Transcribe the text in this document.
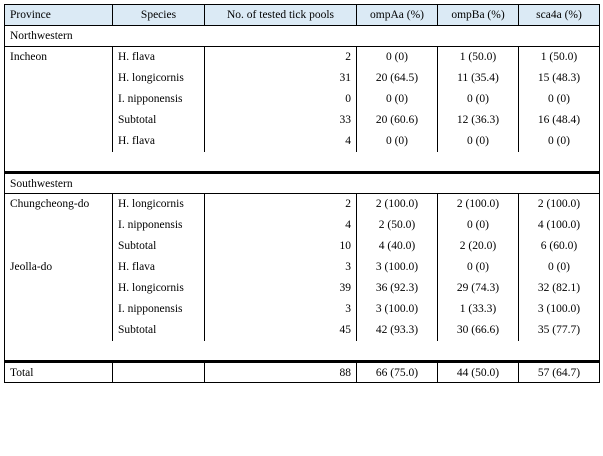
Province	Species	No. of tested tick pools	ompAa (%)	ompBa (%)	sca4a (%)
Northwestern					
Incheon	H. flava	2	0 (0)	1 (50.0)	1 (50.0)
	H. longicornis	31	20 (64.5)	11 (35.4)	15 (48.3)
	I. nipponensis	0	0 (0)	0 (0)	0 (0)
	Subtotal	33	20 (60.6)	12 (36.3)	16 (48.4)
	H. flava	4	0 (0)	0 (0)	0 (0)

Southwestern					
Chungcheong-do	H. longicornis	2	2 (100.0)	2 (100.0)	2 (100.0)
	I. nipponensis	4	2 (50.0)	0 (0)	4 (100.0)
	Subtotal	10	4 (40.0)	2 (20.0)	6 (60.0)
Jeolla-do	H. flava	3	3 (100.0)	0 (0)	0 (0)
	H. longicornis	39	36 (92.3)	29 (74.3)	32 (82.1)
	I. nipponensis	3	3 (100.0)	1 (33.3)	3 (100.0)
	Subtotal	45	42 (93.3)	30 (66.6)	35 (77.7)

Total		88	66 (75.0)	44 (50.0)	57 (64.7)
